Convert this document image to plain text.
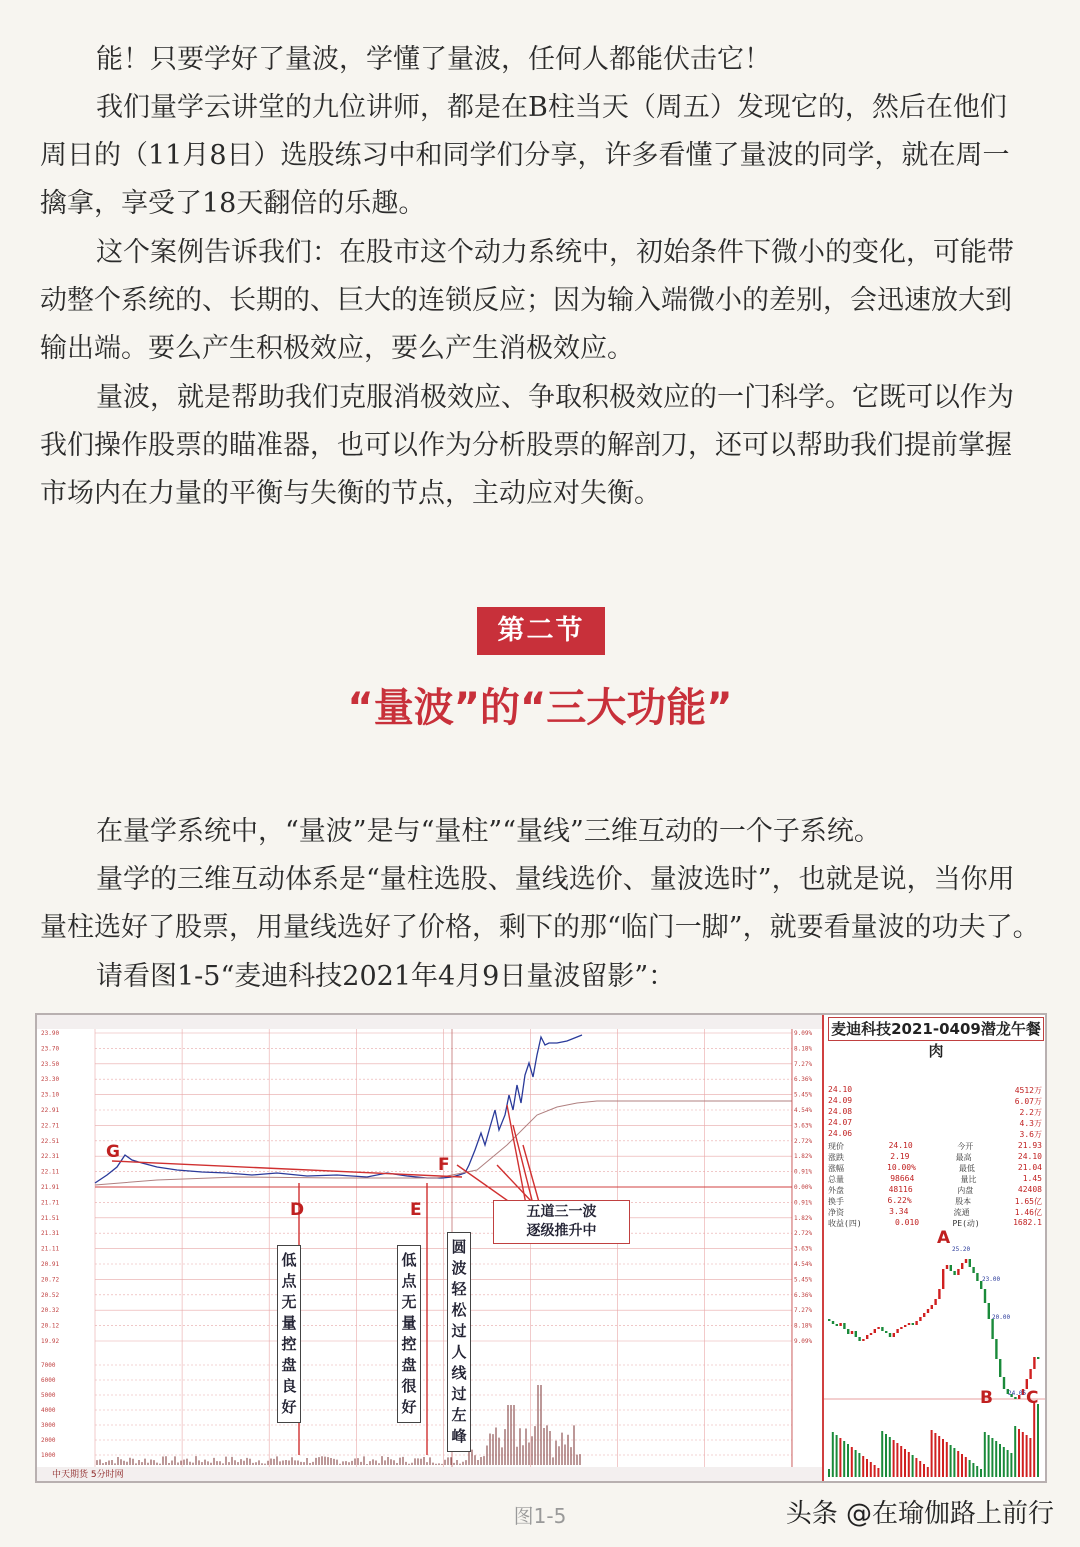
能！只要学好了量波，学懂了量波，任何人都能伏击它！
我们量学云讲堂的九位讲师，都是在B柱当天（周五）发现它的，然后在他们
周日的（11月8日）选股练习中和同学们分享，许多看懂了量波的同学，就在周一
擒拿，享受了18天翻倍的乐趣。
这个案例告诉我们：在股市这个动力系统中，初始条件下微小的变化，可能带
动整个系统的、长期的、巨大的连锁反应；因为输入端微小的差别，会迅速放大到
输出端。要么产生积极效应，要么产生消极效应。
量波，就是帮助我们克服消极效应、争取积极效应的一门科学。它既可以作为
我们操作股票的瞄准器，也可以作为分析股票的解剖刀，还可以帮助我们提前掌握
市场内在力量的平衡与失衡的节点，主动应对失衡。
第二节
“量波”的“三大功能”
在量学系统中，“量波”是与“量柱”“量线”三维互动的一个子系统。
量学的三维互动体系是“量柱选股、量线选价、量波选时”，也就是说，当你用
量柱选好了股票，用量线选好了价格，剩下的那“临门一脚”，就要看量波的功夫了。
请看图1-5“麦迪科技2021年4月9日量波留影”：
23.90
23.70
23.50
23.30
23.10
22.91
22.71
22.51
22.31
22.11
21.91
21.71
21.51
21.31
21.11
20.91
20.72
20.52
20.32
20.12
19.92
9.09%
8.18%
7.27%
6.36%
5.45%
4.54%
3.63%
2.72%
1.82%
0.91%
0.00%
0.91%
1.82%
2.72%
3.63%
4.54%
5.45%
6.36%
7.27%
8.18%
9.09%
7000
6000
5000
4000
3000
2000
1000
麦迪科技2021-0409潜龙午餐肉
24.10	4512万
24.09	6.07万
24.08	2.2万
24.07	4.3万
24.06	3.6万
现价	24.10	今开	21.93
涨跌	2.19	最高	24.10
涨幅	10.00%	最低	21.04
总量	98664	量比	1.45
外盘	48116	内盘	42408
换手	6.22%	股本	1.65亿
净资	3.34	流通	1.46亿
收益(四)	0.010	PE(动)	1682.1
25.20
23.00
20.00
24.05
G
F
D	E
A
B C
低点无量控盘良好
低点无量控盘很好
圆波轻松过人线过左峰
五道三一波
逐级推升中
中天期货 5分时网
图1-5	头条 @在瑜伽路上前行
